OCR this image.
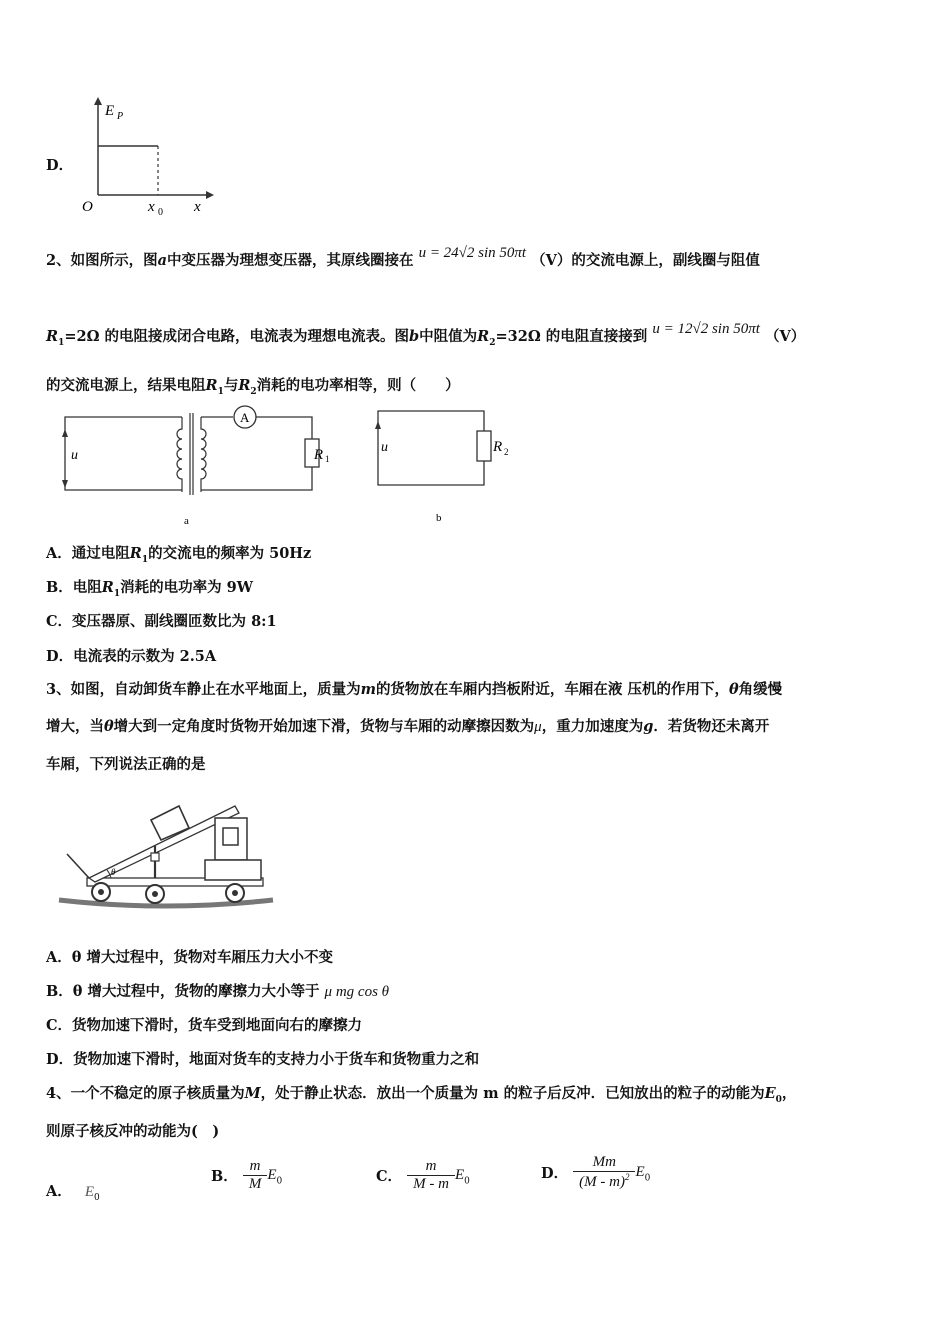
D．
E P
O	x 0 x
2、如图所示，图a中变压器为理想变压器，其原线圈接在 u = 24√2 sin 50πt （V）的交流电源上，副线圈与阻值
$R_1=2\Omega$ 的电阻接成闭合电路，电流表为理想电流表。图b中阻值为$R_2=32\Omega$ 的电阻直接接到 u = 12√2 sin 50πt （V）
的交流电源上，结果电阻$R_1$与$R_2$消耗的电功率相等，则（　　）
A
u	R 1
a
u	R 2
b
A．通过电阻$R_1$的交流电的频率为 50Hz
B．电阻$R_1$消耗的电功率为 9W
C．变压器原、副线圈匝数比为 8:1
D．电流表的示数为 2.5A
3、如图，自动卸货车静止在水平地面上，质量为m的货物放在车厢内挡板附近，车厢在液 压机的作用下，θ角缓慢
增大，当θ增大到一定角度时货物开始加速下滑，货物与车厢的动摩擦因数为μ，重力加速度为g．若货物还未离开
车厢，下列说法正确的是
θ
A．θ 增大过程中，货物对车厢压力大小不变
B．θ 增大过程中，货物的摩擦力大小等于 μ mg cos θ
C．货物加速下滑时，货车受到地面向右的摩擦力
D．货物加速下滑时，地面对货车的支持力小于货车和货物重力之和
4、一个不稳定的原子核质量为M，处于静止状态．放出一个质量为 m 的粒子后反冲．已知放出的粒子的动能为$E_0$，
则原子核反冲的动能为(　)
A． $E_0$
B． $\frac{m}{M} E_0$	C． $\frac{m}{M - m} E_0$	D． $\frac{Mm}{(M - m)^2} E_0$
